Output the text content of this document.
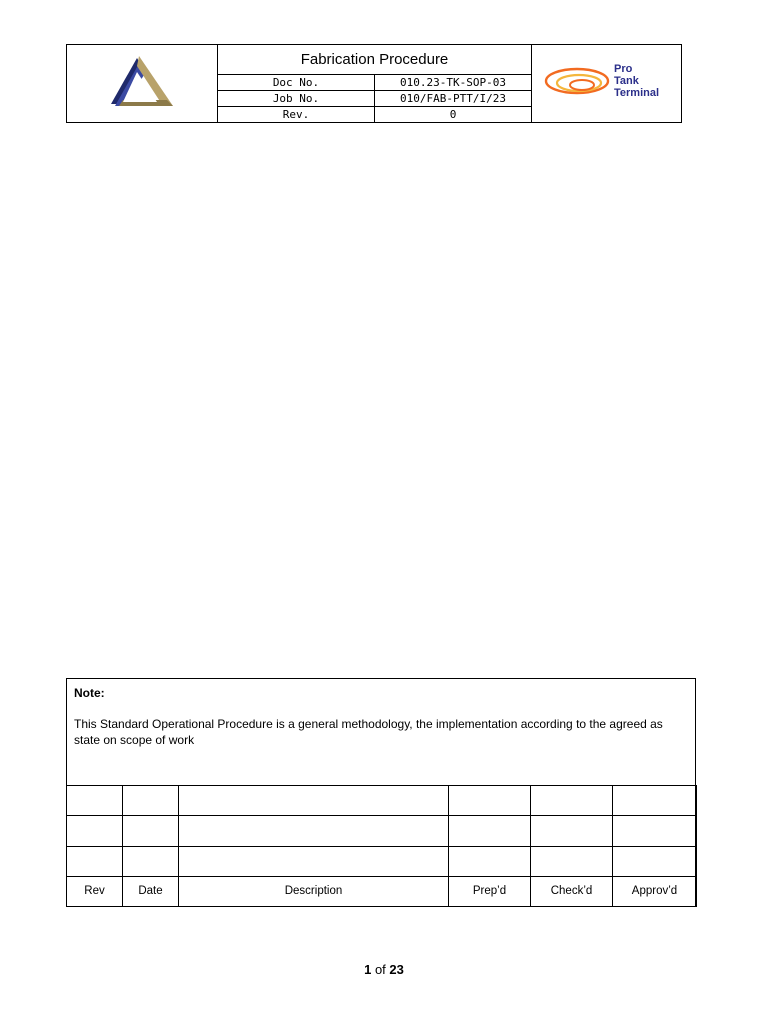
	Fabrication Procedure		Pro
Tank
Terminal

	Doc No.	010.23-TK-SOP-03	
	Job No.	010/FAB-PTT/I/23	
	Rev.	0	
Note:
This Standard Operational Procedure is a general methodology, the implementation according to the agreed as state on scope of work

Rev	Date	Description	Prep’d	Check’d	Approv’d
1 of 23
